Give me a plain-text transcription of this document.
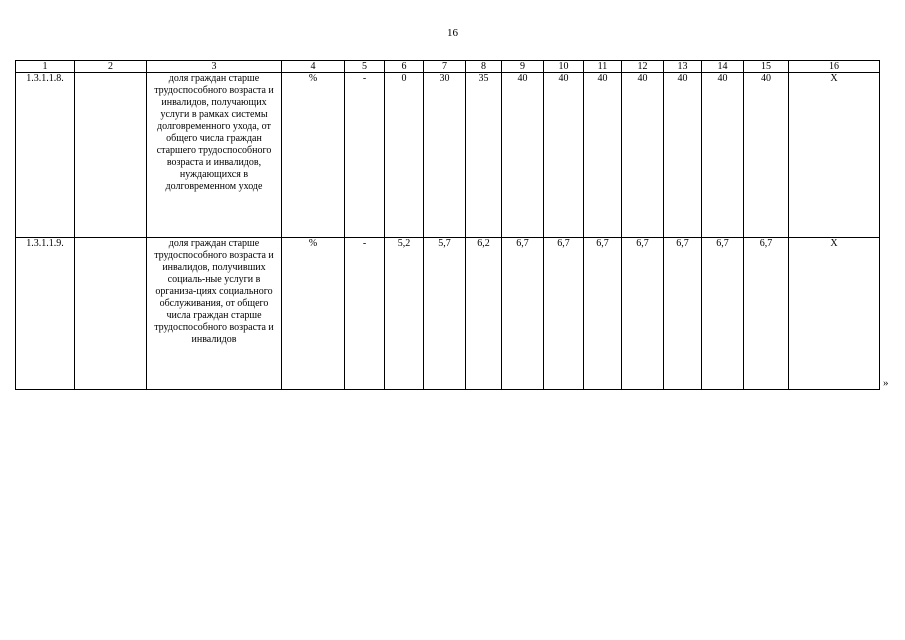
16
1	2	3	4	5	6	7	8	9	10	11	12	13	14	15	16
1.3.1.1.8.		доля граждан старше трудоспособного возраста и инвалидов, получающих услуги в рамках системы долговременного ухода, от общего числа граждан старшего трудоспособного возраста и инвалидов, нуждающихся в долговременном уходе	%	-	0	30	35	40	40	40	40	40	40	40	X
1.3.1.1.9.		доля граждан старше трудоспособного возраста и инвалидов, получивших социаль-ные услуги в организа-циях социального обслуживания, от общего числа граждан старше трудоспособного возраста и инвалидов	%	-	5,2	5,7	6,2	6,7	6,7	6,7	6,7	6,7	6,7	6,7	X
»
